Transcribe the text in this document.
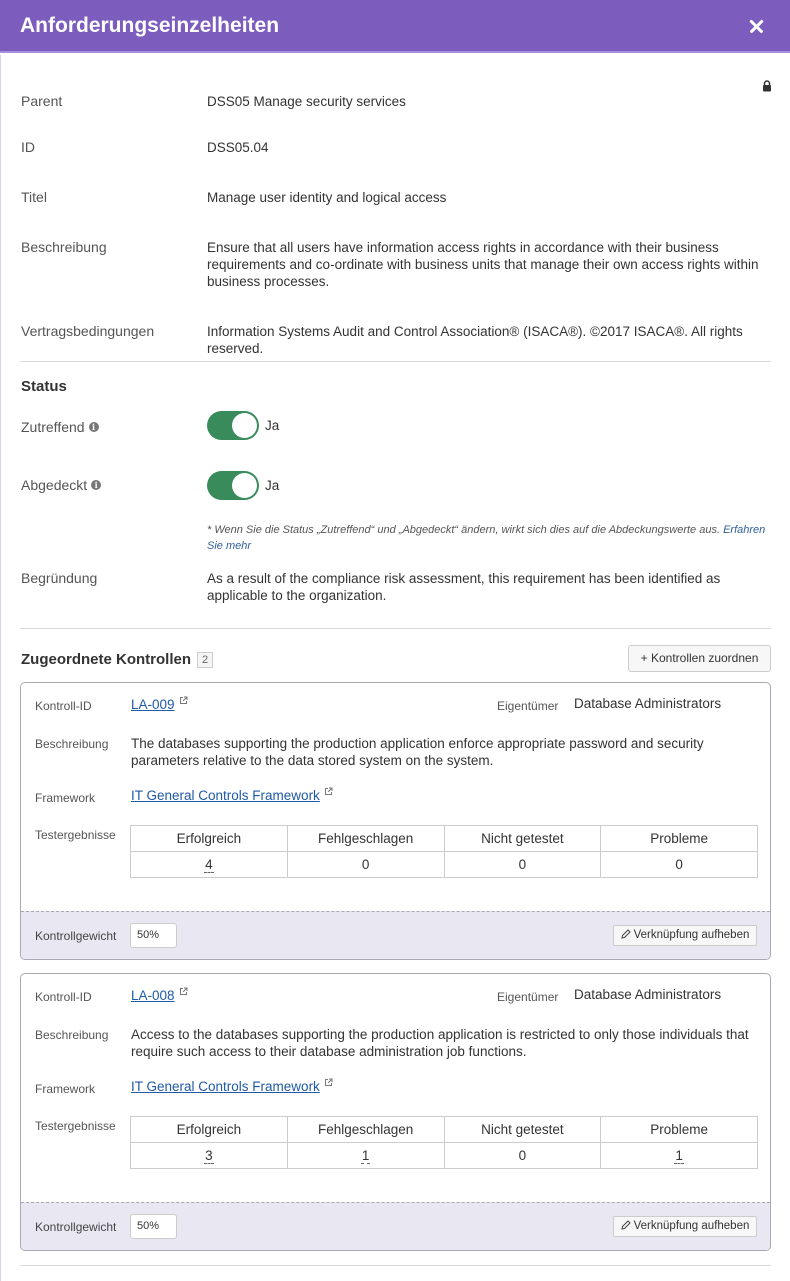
Anforderungseinzelheiten
Parent	DSS05 Manage security services
ID	DSS05.04
Titel	Manage user identity and logical access
Beschreibung	Ensure that all users have information access rights in accordance with their business requirements and co-ordinate with business units that manage their own access rights within business processes.
Vertragsbedingungen	Information Systems Audit and Control Association® (ISACA®). ©2017 ISACA®. All rights reserved.
Status
Zutreffend i	Ja
Abgedeckt i	Ja
* Wenn Sie die Status „Zutreffend“ und „Abgedeckt“ ändern, wirkt sich dies auf die Abdeckungswerte aus. Erfahren Sie mehr
Begründung	As a result of the compliance risk assessment, this requirement has been identified as applicable to the organization.
Zugeordnete Kontrollen 2	+ Kontrollen zuordnen
Kontroll-ID	LA-009	Eigentümer Database Administrators
Beschreibung The databases supporting the production application enforce appropriate password and security parameters relative to the data stored system on the system.
Framework	IT General Controls Framework
Testergebnisse	Erfolgreich	Fehlgeschlagen	Nicht getestet	Probleme
4	0	0	0
Kontrollgewicht	50%	Verknüpfung aufheben
Kontroll-ID	LA-008	Eigentümer Database Administrators
Beschreibung Access to the databases supporting the production application is restricted to only those individuals that require such access to their database administration job functions.
Framework	IT General Controls Framework
Testergebnisse	Erfolgreich	Fehlgeschlagen	Nicht getestet	Probleme
3	1	0	1
Kontrollgewicht	50%	Verknüpfung aufheben
